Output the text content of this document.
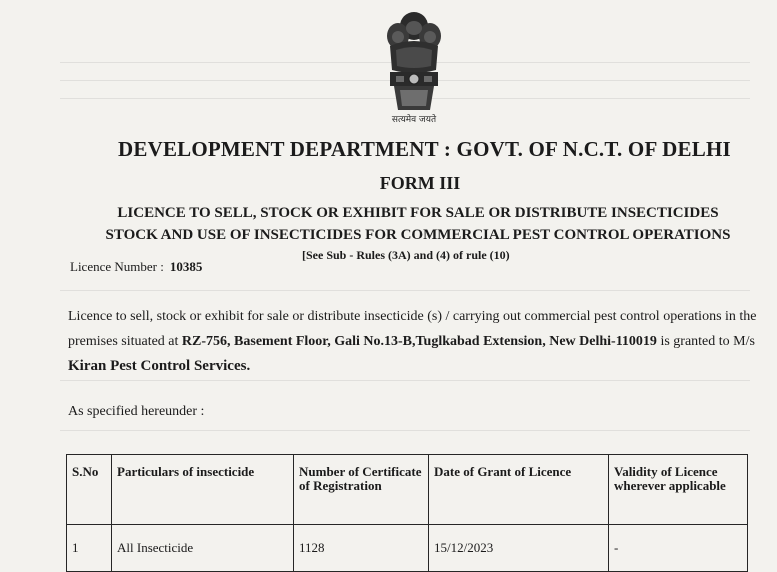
सत्यमेव जयते
DEVELOPMENT DEPARTMENT : GOVT. OF N.C.T. OF DELHI
FORM III
LICENCE TO SELL, STOCK OR EXHIBIT FOR SALE OR DISTRIBUTE INSECTICIDES
STOCK AND USE OF INSECTICIDES FOR COMMERCIAL PEST CONTROL OPERATIONS
[See Sub - Rules (3A) and (4) of rule (10)
Licence Number : 10385
Licence to sell, stock or exhibit for sale or distribute insecticide (s) / carrying out commercial pest control operations in the premises situated at RZ-756, Basement Floor, Gali No.13-B,Tuglkabad Extension, New Delhi-110019 is granted to M/s Kiran Pest Control Services.
As specified hereunder :
S.No	Particulars of insecticide	Number of Certificate of Registration	Date of Grant of Licence	Validity of Licence wherever applicable
1	All Insecticide	1128	15/12/2023	-
